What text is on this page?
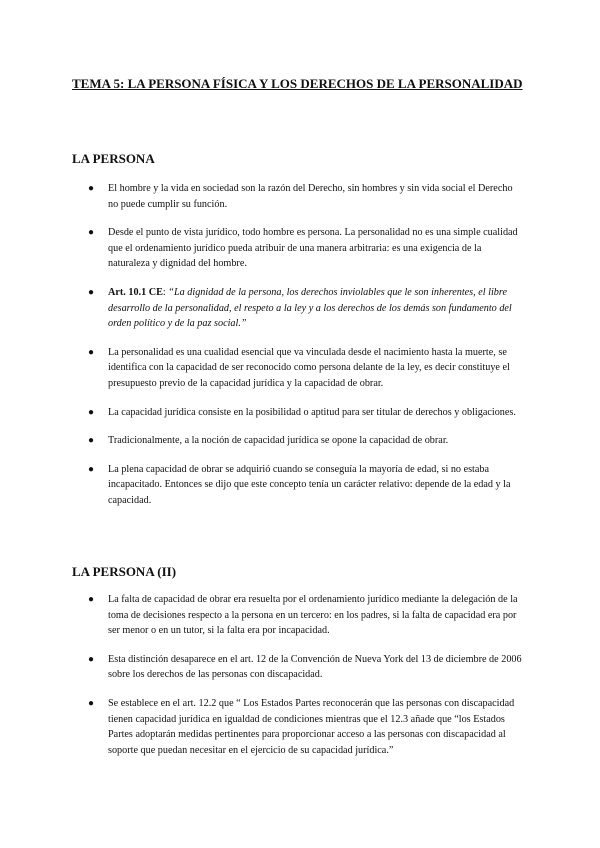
TEMA 5: LA PERSONA FÍSICA Y LOS DERECHOS DE LA PERSONALIDAD
LA PERSONA
● El hombre y la vida en sociedad son la razón del Derecho, sin hombres y sin vida social el Derecho no puede cumplir su función.
● Desde el punto de vista jurídico, todo hombre es persona. La personalidad no es una simple cualidad que el ordenamiento jurídico pueda atribuir de una manera arbitraria: es una exigencia de la naturaleza y dignidad del hombre.
● Art. 10.1 CE: “La dignidad de la persona, los derechos inviolables que le son inherentes, el libre desarrollo de la personalidad, el respeto a la ley y a los derechos de los demás son fundamento del orden político y de la paz social.”
● La personalidad es una cualidad esencial que va vinculada desde el nacimiento hasta la muerte, se identifica con la capacidad de ser reconocido como persona delante de la ley, es decir constituye el presupuesto previo de la capacidad jurídica y la capacidad de obrar.
● La capacidad jurídica consiste en la posibilidad o aptitud para ser titular de derechos y obligaciones.
● Tradicionalmente, a la noción de capacidad jurídica se opone la capacidad de obrar.
● La plena capacidad de obrar se adquirió cuando se conseguía la mayoría de edad, si no estaba incapacitado. Entonces se dijo que este concepto tenía un carácter relativo: depende de la edad y la capacidad.
LA PERSONA (II)
● La falta de capacidad de obrar era resuelta por el ordenamiento jurídico mediante la delegación de la toma de decisiones respecto a la persona en un tercero: en los padres, si la falta de capacidad era por ser menor o en un tutor, si la falta era por incapacidad.
● Esta distinción desaparece en el art. 12 de la Convención de Nueva York del 13 de diciembre de 2006 sobre los derechos de las personas con discapacidad.
● Se establece en el art. 12.2 que “ Los Estados Partes reconocerán que las personas con discapacidad tienen capacidad jurídica en igualdad de condiciones mientras que el 12.3 añade que “los Estados Partes adoptarán medidas pertinentes para proporcionar acceso a las personas con discapacidad al soporte que puedan necesitar en el ejercicio de su capacidad jurídica.”
